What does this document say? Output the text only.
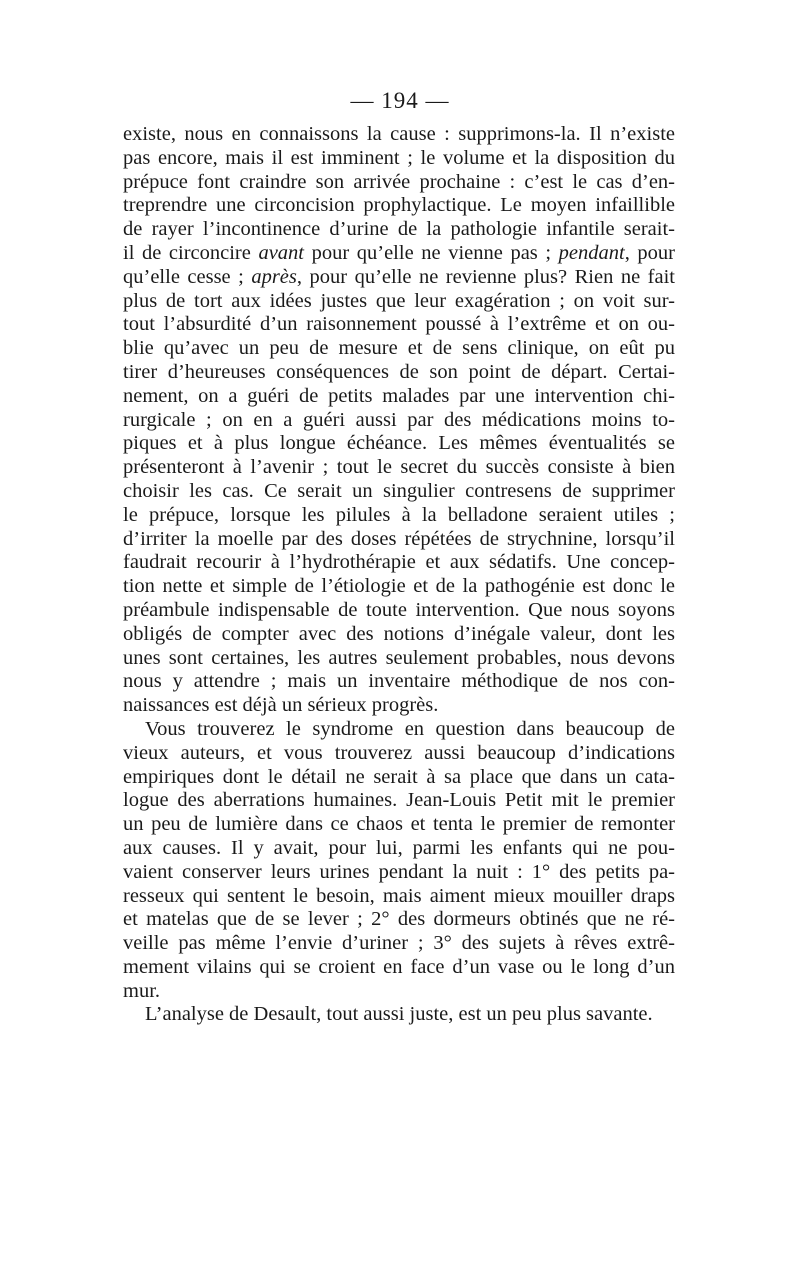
— 194 —
existe, nous en connaissons la cause : supprimons-la. Il n’existe
pas encore, mais il est imminent ; le volume et la disposition du
prépuce font craindre son arrivée prochaine : c’est le cas d’en-
treprendre une circoncision prophylactique. Le moyen infaillible
de rayer l’incontinence d’urine de la pathologie infantile serait-
il de circoncire avant pour qu’elle ne vienne pas ; pendant, pour
qu’elle cesse ; après, pour qu’elle ne revienne plus? Rien ne fait
plus de tort aux idées justes que leur exagération ; on voit sur-
tout l’absurdité d’un raisonnement poussé à l’extrême et on ou-
blie qu’avec un peu de mesure et de sens clinique, on eût pu
tirer d’heureuses conséquences de son point de départ. Certai-
nement, on a guéri de petits malades par une intervention chi-
rurgicale ; on en a guéri aussi par des médications moins to-
piques et à plus longue échéance. Les mêmes éventualités se
présenteront à l’avenir ; tout le secret du succès consiste à bien
choisir les cas. Ce serait un singulier contresens de supprimer
le prépuce, lorsque les pilules à la belladone seraient utiles ;
d’irriter la moelle par des doses répétées de strychnine, lorsqu’il
faudrait recourir à l’hydrothérapie et aux sédatifs. Une concep-
tion nette et simple de l’étiologie et de la pathogénie est donc le
préambule indispensable de toute intervention. Que nous soyons
obligés de compter avec des notions d’inégale valeur, dont les
unes sont certaines, les autres seulement probables, nous devons
nous y attendre ; mais un inventaire méthodique de nos con-
naissances est déjà un sérieux progrès.
Vous trouverez le syndrome en question dans beaucoup de
vieux auteurs, et vous trouverez aussi beaucoup d’indications
empiriques dont le détail ne serait à sa place que dans un cata-
logue des aberrations humaines. Jean-Louis Petit mit le premier
un peu de lumière dans ce chaos et tenta le premier de remonter
aux causes. Il y avait, pour lui, parmi les enfants qui ne pou-
vaient conserver leurs urines pendant la nuit : 1° des petits pa-
resseux qui sentent le besoin, mais aiment mieux mouiller draps
et matelas que de se lever ; 2° des dormeurs obtinés que ne ré-
veille pas même l’envie d’uriner ; 3° des sujets à rêves extrê-
mement vilains qui se croient en face d’un vase ou le long d’un
mur.
L’analyse de Desault, tout aussi juste, est un peu plus savante.
